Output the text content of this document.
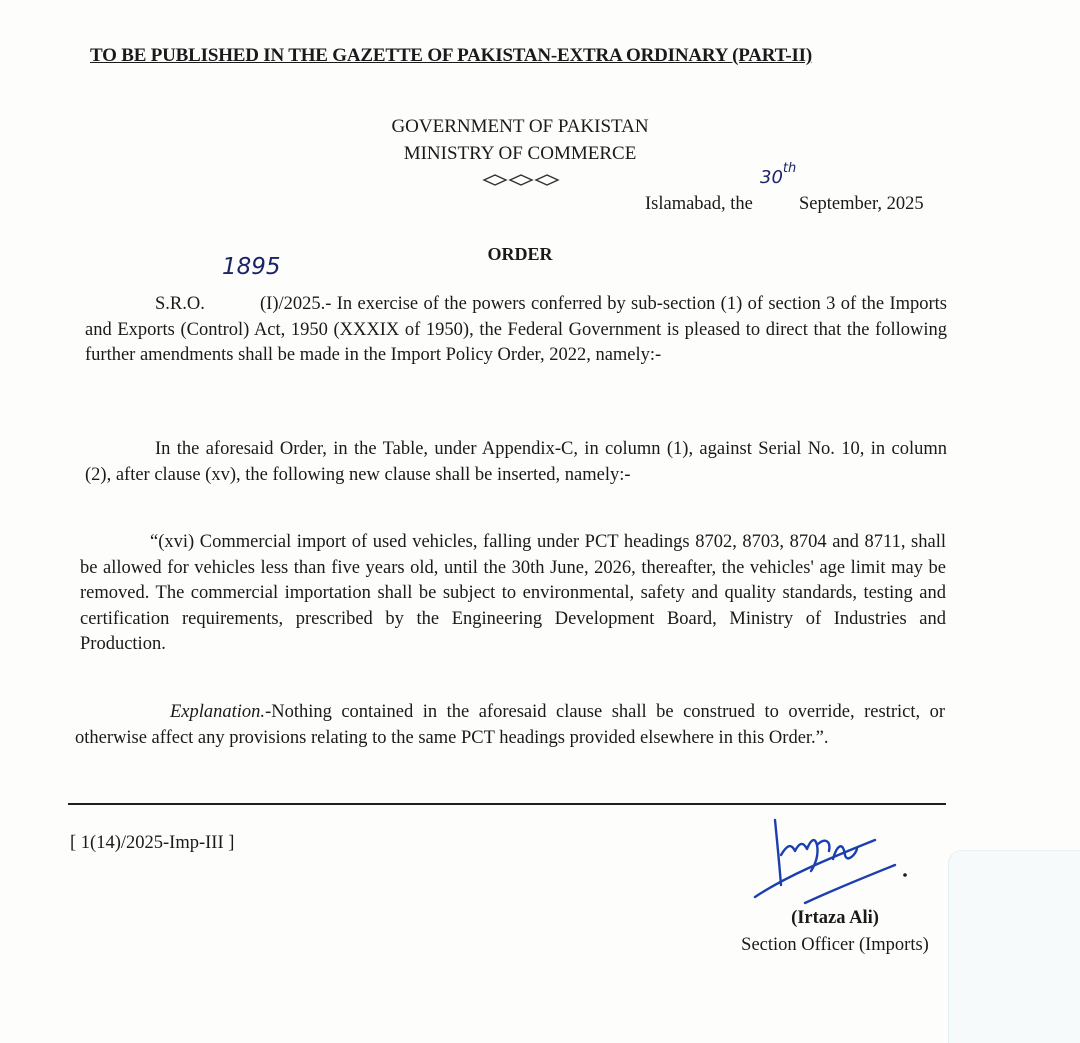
TO BE PUBLISHED IN THE GAZETTE OF PAKISTAN-EXTRA ORDINARY (PART-II)
GOVERNMENT OF PAKISTAN
MINISTRY OF COMMERCE
30th
Islamabad, the September, 2025
ORDER
1895
S.R.O.	(I)/2025.- In exercise of the powers conferred by sub-section (1) of section 3 of the Imports and Exports (Control) Act, 1950 (XXXIX of 1950), the Federal Government is pleased to direct that the following further amendments shall be made in the Import Policy Order, 2022, namely:-
In the aforesaid Order, in the Table, under Appendix-C, in column (1), against Serial No. 10, in column (2), after clause (xv), the following new clause shall be inserted, namely:-
“(xvi) Commercial import of used vehicles, falling under PCT headings 8702, 8703, 8704 and 8711, shall be allowed for vehicles less than five years old, until the 30th June, 2026, thereafter, the vehicles' age limit may be removed. The commercial importation shall be subject to environmental, safety and quality standards, testing and certification requirements, prescribed by the Engineering Development Board, Ministry of Industries and Production.
Explanation.-Nothing contained in the aforesaid clause shall be construed to override, restrict, or otherwise affect any provisions relating to the same PCT headings provided elsewhere in this Order.”.
[ 1(14)/2025-Imp-III ]
(Irtaza Ali)
Section Officer (Imports)
